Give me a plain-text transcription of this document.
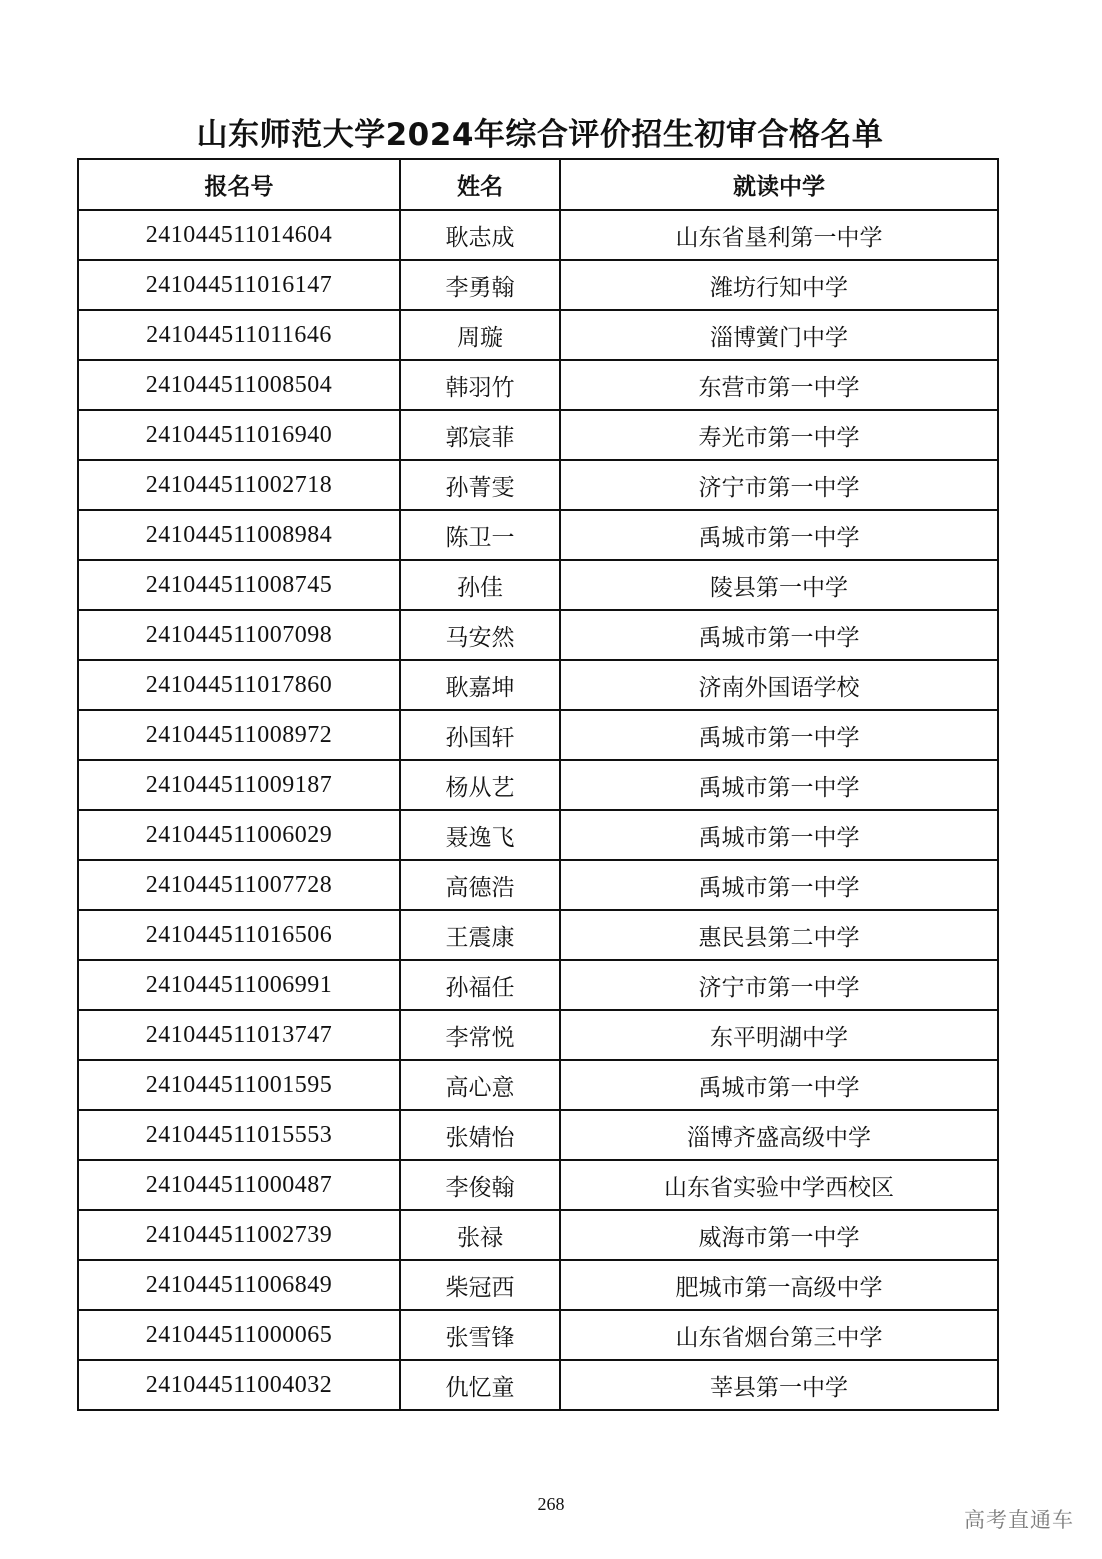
山东师范大学2024年综合评价招生初审合格名单
报名号	姓名	就读中学
241044511014604	耿志成	山东省垦利第一中学
241044511016147	李勇翰	潍坊行知中学
241044511011646	周璇	淄博黉门中学
241044511008504	韩羽竹	东营市第一中学
241044511016940	郭宸菲	寿光市第一中学
241044511002718	孙菁雯	济宁市第一中学
241044511008984	陈卫一	禹城市第一中学
241044511008745	孙佳	陵县第一中学
241044511007098	马安然	禹城市第一中学
241044511017860	耿嘉坤	济南外国语学校
241044511008972	孙国轩	禹城市第一中学
241044511009187	杨从艺	禹城市第一中学
241044511006029	聂逸飞	禹城市第一中学
241044511007728	高德浩	禹城市第一中学
241044511016506	王震康	惠民县第二中学
241044511006991	孙福任	济宁市第一中学
241044511013747	李常悦	东平明湖中学
241044511001595	高心意	禹城市第一中学
241044511015553	张婧怡	淄博齐盛高级中学
241044511000487	李俊翰	山东省实验中学西校区
241044511002739	张禄	威海市第一中学
241044511006849	柴冠西	肥城市第一高级中学
241044511000065	张雪锋	山东省烟台第三中学
241044511004032	仇忆童	莘县第一中学
268
高考直通车
